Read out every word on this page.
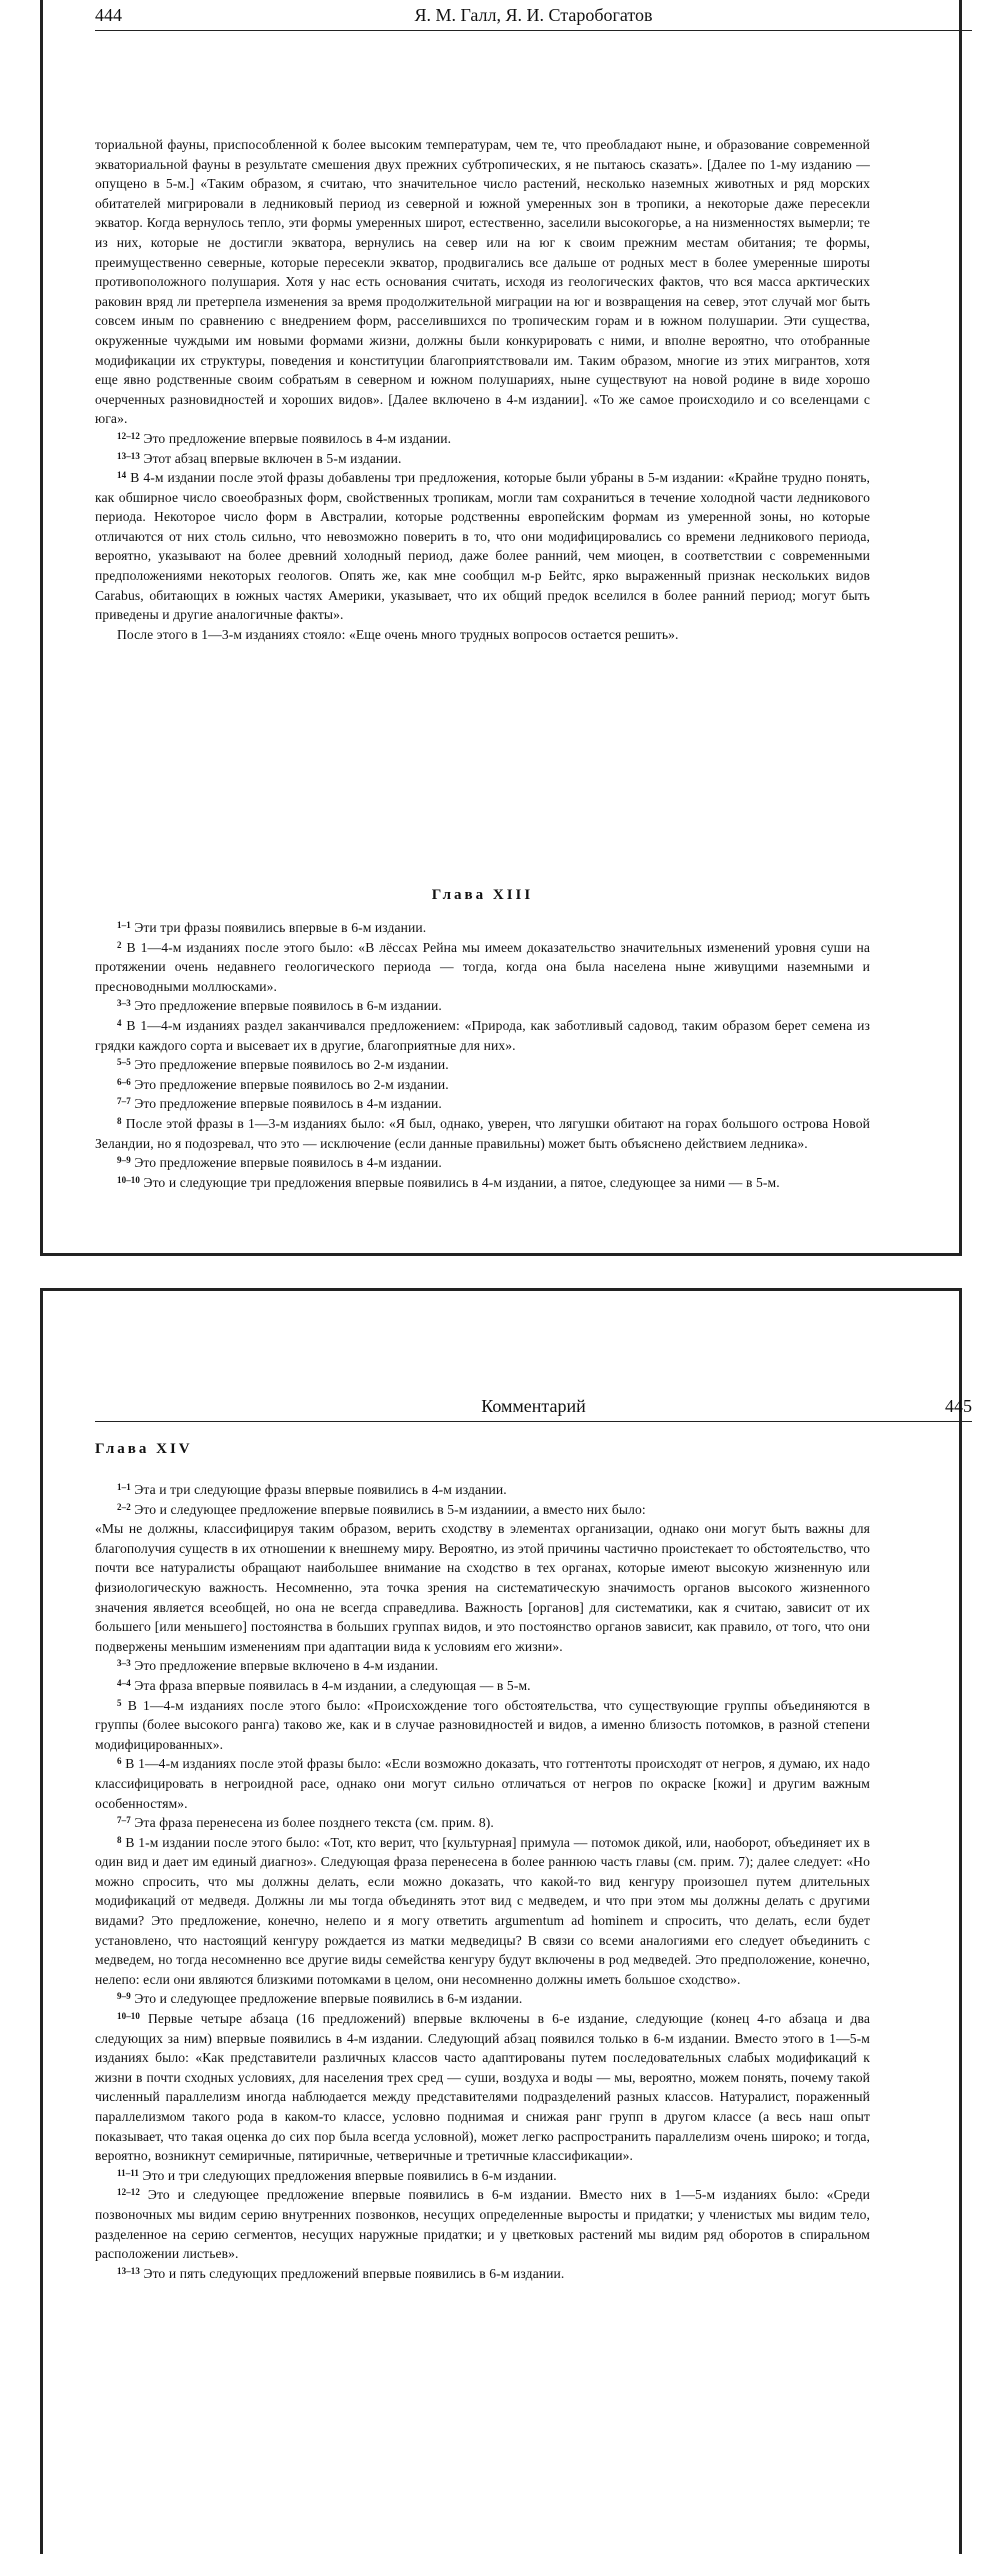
444	Я. М. Галл, Я. И. Старобогатов

ториальной фауны, приспособленной к более высоким температурам, чем те, что преобладают ныне, и образование современной экваториальной фауны в результате смешения двух прежних субтропических, я не пытаюсь сказать». [Далее по 1-му изданию — опущено в 5-м.] «Таким образом, я считаю, что значительное число растений, несколько наземных животных и ряд морских обитателей мигрировали в ледниковый период из северной и южной умеренных зон в тропики, а некоторые даже пересекли экватор. Когда вернулось тепло, эти формы умеренных широт, естественно, заселили высокогорье, а на низменностях вымерли; те из них, которые не достигли экватора, вернулись на север или на юг к своим прежним местам обитания; те формы, преимущественно северные, которые пересекли экватор, продвигались все дальше от родных мест в более умеренные широты противоположного полушария. Хотя у нас есть основания считать, исходя из геологических фактов, что вся масса арктических раковин вряд ли претерпела изменения за время продолжительной миграции на юг и возвращения на север, этот случай мог быть совсем иным по сравнению с внедрением форм, расселившихся по тропическим горам и в южном полушарии. Эти существа, окруженные чуждыми им новыми формами жизни, должны были конкурировать с ними, и вполне вероятно, что отобранные модификации их структуры, поведения и конституции благоприятствовали им. Таким образом, многие из этих мигрантов, хотя еще явно родственные своим собратьям в северном и южном полушариях, ныне существуют на новой родине в виде хорошо очерченных разновидностей и хороших видов». [Далее включено в 4-м издании]. «То же самое происходило и со вселенцами с юга».

$^{12-12}$ Это предложение впервые появилось в 4-м издании.

$^{13-13}$ Этот абзац впервые включен в 5-м издании.

$^{14}$ В 4-м издании после этой фразы добавлены три предложения, которые были убраны в 5-м издании: «Крайне трудно понять, как обширное число своеобразных форм, свойственных тропикам, могли там сохраниться в течение холодной части ледникового периода. Некоторое число форм в Австралии, которые родственны европейским формам из умеренной зоны, но которые отличаются от них столь сильно, что невозможно поверить в то, что они модифицировались со времени ледникового периода, вероятно, указывают на более древний холодный период, даже более ранний, чем миоцен, в соответствии с современными предположениями некоторых геологов. Опять же, как мне сообщил м-р Бейтс, ярко выраженный признак нескольких видов Carabus, обитающих в южных частях Америки, указывает, что их общий предок вселился в более ранний период; могут быть приведены и другие аналогичные факты».

После этого в 1—3-м изданиях стояло: «Еще очень много трудных вопросов остается решить».

Глава XIII

$^{1-1}$ Эти три фразы появились впервые в 6-м издании.

$^2$ В 1—4-м изданиях после этого было: «В лёссах Рейна мы имеем доказательство значительных изменений уровня суши на протяжении очень недавнего геологического периода — тогда, когда она была населена ныне живущими наземными и пресноводными моллюсками».

$^{3-3}$ Это предложение впервые появилось в 6-м издании.

$^4$ В 1—4-м изданиях раздел заканчивался предложением: «Природа, как заботливый садовод, таким образом берет семена из грядки каждого сорта и высевает их в другие, благоприятные для них».

$^{5-5}$ Это предложение впервые появилось во 2-м издании.

$^{6-6}$ Это предложение впервые появилось во 2-м издании.

$^{7-7}$ Это предложение впервые появилось в 4-м издании.

$^8$ После этой фразы в 1—3-м изданиях было: «Я был, однако, уверен, что лягушки обитают на горах большого острова Новой Зеландии, но я подозревал, что это — исключение (если данные правильны) может быть объяснено действием ледника».

$^{9-9}$ Это предложение впервые появилось в 4-м издании.

$^{10-10}$ Это и следующие три предложения впервые появились в 4-м издании, а пятое, следующее за ними — в 5-м.

Комментарий	445
Глава XIV

$^{1-1}$ Эта и три следующие фразы впервые появились в 4-м издании.

$^{2-2}$ Это и следующее предложение впервые появились в 5-м изданиии, а вместо них было:

«Мы не должны, классифицируя таким образом, верить сходству в элементах организации, однако они могут быть важны для благополучия существ в их отношении к внешнему миру. Вероятно, из этой причины частично проистекает то обстоятельство, что почти все натуралисты обращают наибольшее внимание на сходство в тех органах, которые имеют высокую жизненную или физиологическую важность. Несомненно, эта точка зрения на систематическую значимость органов высокого жизненного значения является всеобщей, но она не всегда справедлива. Важность [органов] для систематики, как я считаю, зависит от их большего [или меньшего] постоянства в больших группах видов, и это постоянство органов зависит, как правило, от того, что они подвержены меньшим изменениям при адаптации вида к условиям его жизни».

$^{3-3}$ Это предложение впервые включено в 4-м издании.

$^{4-4}$ Эта фраза впервые появилась в 4-м издании, а следующая — в 5-м.

$^5$ В 1—4-м изданиях после этого было: «Происхождение того обстоятельства, что существующие группы объединяются в группы (более высокого ранга) таково же, как и в случае разновидностей и видов, а именно близость потомков, в разной степени модифицированных».

$^6$ В 1—4-м изданиях после этой фразы было: «Если возможно доказать, что готтентоты происходят от негров, я думаю, их надо классифицировать в негроидной расе, однако они могут сильно отличаться от негров по окраске [кожи] и другим важным особенностям».

$^{7-7}$ Эта фраза перенесена из более позднего текста (см. прим. 8).

$^8$ В 1-м издании после этого было: «Тот, кто верит, что [культурная] примула — потомок дикой, или, наоборот, объединяет их в один вид и дает им единый диагноз». Следующая фраза перенесена в более раннюю часть главы (см. прим. 7); далее следует: «Но можно спросить, что мы должны делать, если можно доказать, что какой-то вид кенгуру произошел путем длительных модификаций от медведя. Должны ли мы тогда объединять этот вид с медведем, и что при этом мы должны делать с другими видами? Это предложение, конечно, нелепо и я могу ответить argumentum ad hominem и спросить, что делать, если будет установлено, что настоящий кенгуру рождается из матки медведицы? В связи со всеми аналогиями его следует объединить с медведем, но тогда несомненно все другие виды семейства кенгуру будут включены в род медведей. Это предположение, конечно, нелепо: если они являются близкими потомками в целом, они несомненно должны иметь большое сходство».

$^{9-9}$ Это и следующее предложение впервые появились в 6-м издании.

$^{10-10}$ Первые четыре абзаца (16 предложений) впервые включены в 6-е издание, следующие (конец 4-го абзаца и два следующих за ним) впервые появились в 4-м издании. Следующий абзац появился только в 6-м издании. Вместо этого в 1—5-м изданиях было: «Как представители различных классов часто адаптированы путем последовательных слабых модификаций к жизни в почти сходных условиях, для населения трех сред — суши, воздуха и воды — мы, вероятно, можем понять, почему такой численный параллелизм иногда наблюдается между представителями подразделений разных классов. Натуралист, пораженный параллелизмом такого рода в каком-то классе, условно поднимая и снижая ранг групп в другом классе (а весь наш опыт показывает, что такая оценка до сих пор была всегда условной), может легко распространить параллелизм очень широко; и тогда, вероятно, возникнут семиричные, пятиричные, четверичные и третичные классификации».

$^{11-11}$ Это и три следующих предложения впервые появились в 6-м издании.

$^{12-12}$ Это и следующее предложение впервые появились в 6-м издании. Вместо них в 1—5-м изданиях было: «Среди позвоночных мы видим серию внутренних позвонков, несущих определенные выросты и придатки; у членистых мы видим тело, разделенное на серию сегментов, несущих наружные придатки; и у цветковых растений мы видим ряд оборотов в спиральном расположении листьев».

$^{13-13}$ Это и пять следующих предложений впервые появились в 6-м издании.
